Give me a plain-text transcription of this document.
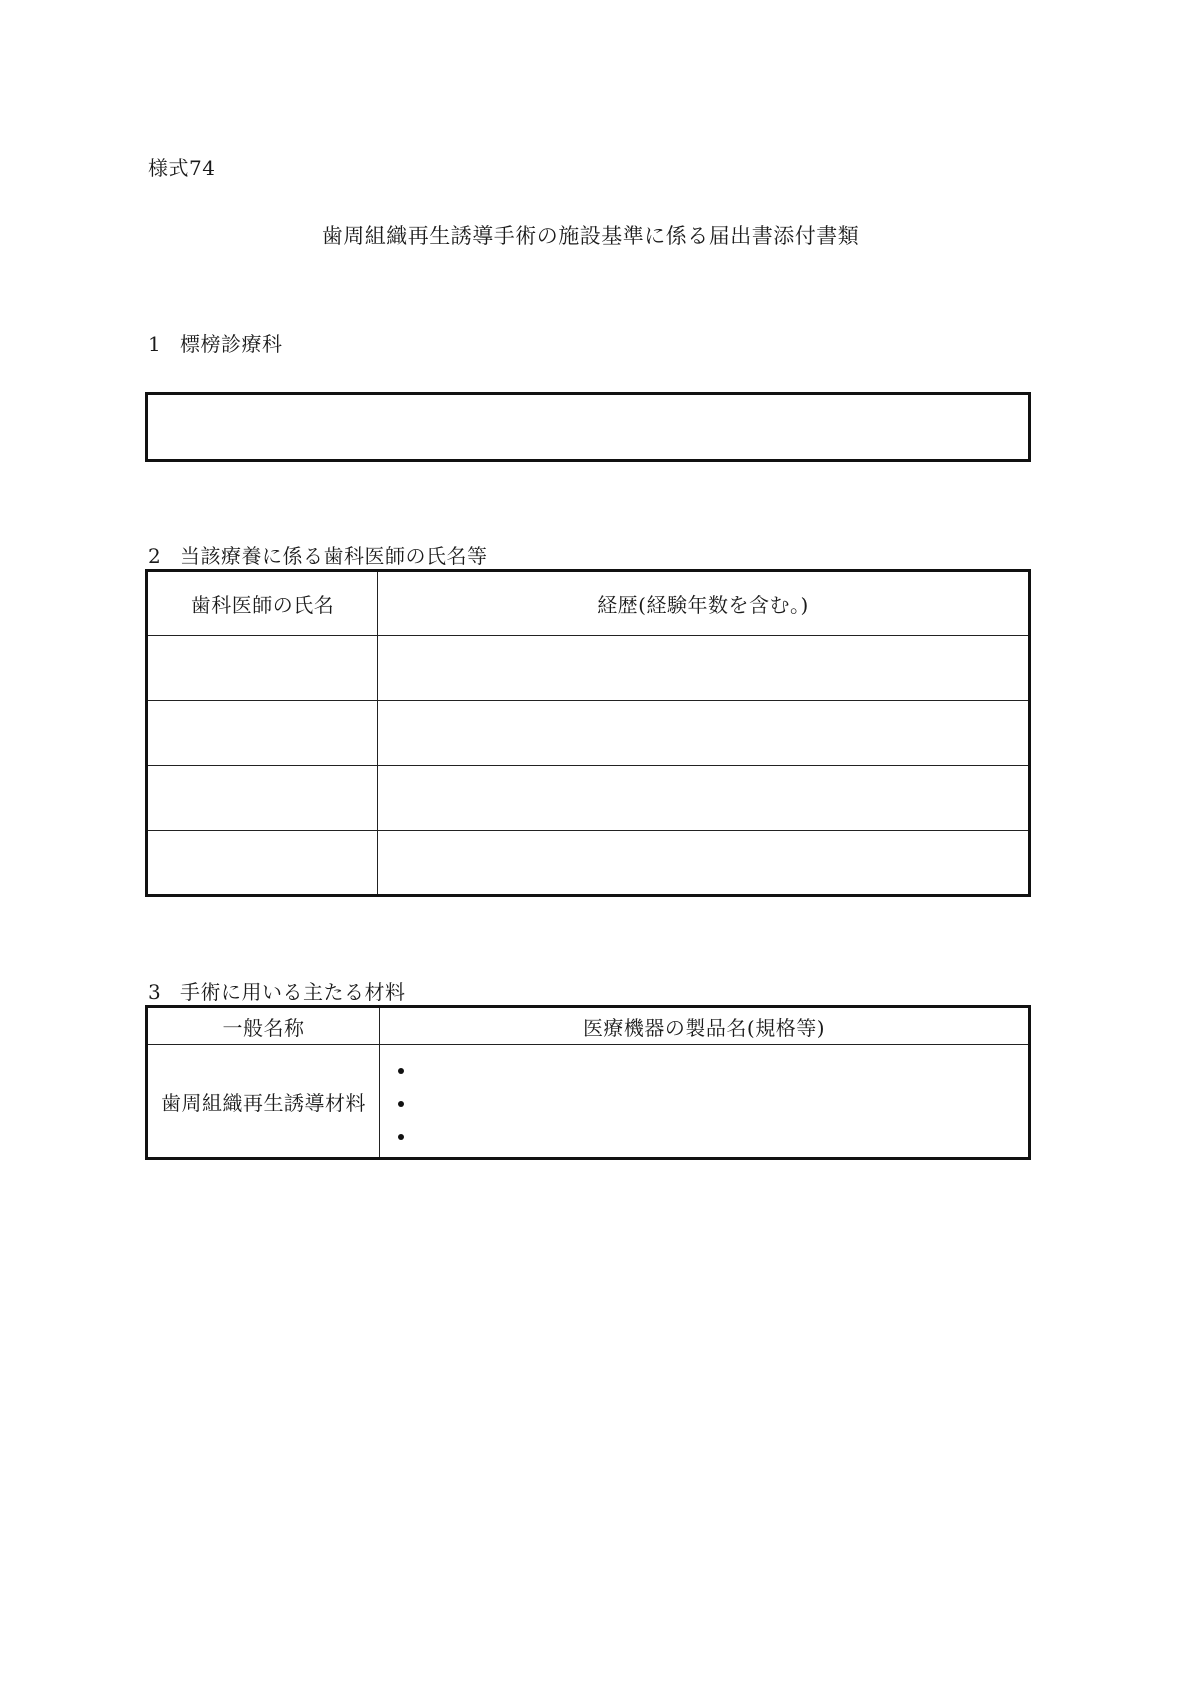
様式74
歯周組織再生誘導手術の施設基準に係る届出書添付書類
1 標榜診療科
2 当該療養に係る歯科医師の氏名等
歯科医師の氏名	経歴(経験年数を含む。)

3 手術に用いる主たる材料
一般名称	医療機器の製品名(規格等)
歯周組織再生誘導材料	
